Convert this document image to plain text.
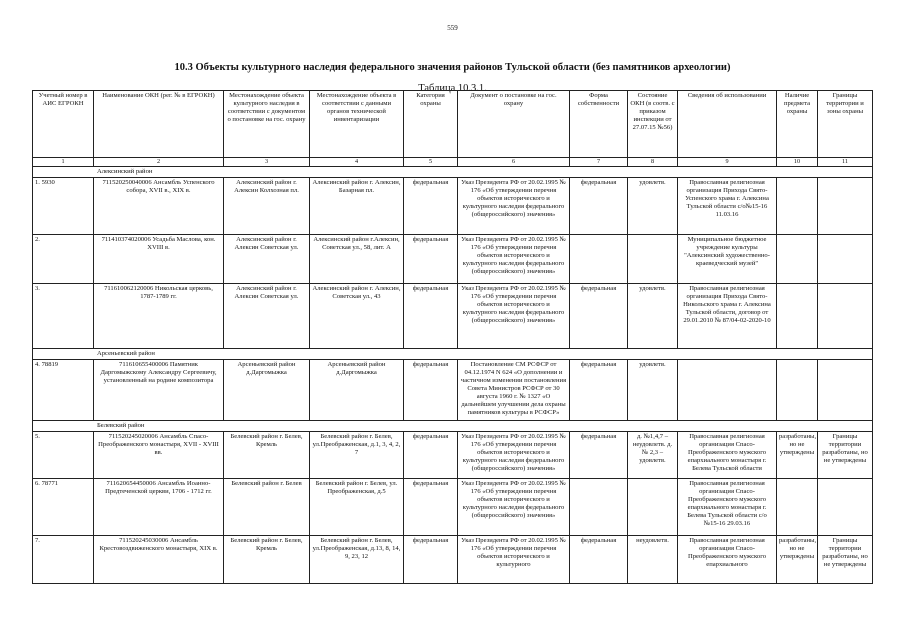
559
10.3 Объекты культурного наследия федерального значения районов Тульской области (без памятников археологии)
Таблица 10.3.1.
Учетный номер в АИС ЕГРОКН	Наименование ОКН (рег. № в ЕГРОКН)	Местонахождение объекта культурного наследия в соответствии с документом о постановке на гос. охрану	Местонахождение объекта в соответствии с данными органов технической инвентаризации	Категория охраны	Документ о постановке на гос. охрану	Форма собственности	Состояние ОКН (в соотв. с приказом инспекции от 27.07.15 №56)	Сведения об использовании	Наличие предмета охраны	Границы территории и зоны охраны
1	2	3	4	5	6	7	8	9	10	11
Алексинский район										
1. 5930	711520250040006 Ансамбль Успенского собора, XVII в., XIX в.	Алексинский район г. Алексин Колхозная пл.	Алексинский район г. Алексин, Базарная пл.	федеральная	Указ Президента РФ от 20.02.1995 № 176 «Об утверждении перечня объектов исторического и культурного наследия федерального (общероссийского) значения»	федеральная	удовлетв.	Православная религиозная организация Прихода Свято-Успенского храма г. Алексина Тульской области с/о№15-16 11.03.16		
2.	711410374020006 Усадьба Маслова, кон. XVIII в.	Алексинский район г. Алексин Советская ул.	Алексинский район г.Алексин, Советская ул., 58, лит. А	федеральная	Указ Президента РФ от 20.02.1995 № 176 «Об утверждении перечня объектов исторического и культурного наследия федерального (общероссийского) значения»			Муниципальное бюджетное учреждение культуры "Алексинский художественно-краеведческий музей"		
3.	711610062120006 Никольская церковь, 1787-1789 гг.	Алексинский район г. Алексин Советская ул.	Алексинский район г. Алексин, Советская ул., 43	федеральная	Указ Президента РФ от 20.02.1995 № 176 «Об утверждении перечня объектов исторического и культурного наследия федерального (общероссийского) значения»	федеральная	удовлетв.	Православная религиозная организация Прихода Свято-Никольского храма г. Алексина Тульской области, договор от 29.01.2010 № 87/04-02-2020-10		
Арсеньевский район										
4. 78819	711610655400006 Памятник Даргомыжскому Александру Сергеевичу, установленный на родине композитора	Арсеньевский район д.Даргомыжка	Арсеньевский район д.Даргомыжка	федеральная	Постановление СМ РСФСР от 04.12.1974 N 624 «О дополнении и частичном изменении постановления Совета Министров РСФСР от 30 августа 1960 г. № 1327 «О дальнейшем улучшении дела охраны памятников культуры в РСФСР»	федеральная	удовлетв.			
Белевский район										
5.	711520245020006 Ансамбль Спасо-Преображенского монастыря, XVII - XVIII вв.	Белевский район г. Белев, Кремль	Белевский район г. Белев, ул.Преображенская, д.1, 3, 4, 2, 7	федеральная	Указ Президента РФ от 20.02.1995 № 176 «Об утверждении перечня объектов исторического и культурного наследия федерального (общероссийского) значения»	федеральная	д. №1,4,7 – неудовлетв. д. № 2,3 – удовлетв.	Православная религиозная организация Спасо-Преображенского мужского епархиального монастыря г. Белева Тульской области	разработаны, но не утверждены	Границы территории разработаны, но не утверждены
6. 78771	711620654450006 Ансамбль Иоанно-Предтеченской церкви, 1706 - 1712 гг.	Белевский район г. Белев	Белевский район г. Белев, ул. Преображенская, д.5	федеральная	Указ Президента РФ от 20.02.1995 № 176 «Об утверждении перечня объектов исторического и культурного наследия федерального (общероссийского) значения»			Православная религиозная организация Спасо-Преображенского мужского епархиального монастыря г. Белева Тульской области с/о №15-16 29.03.16		
7.	711520245030006 Ансамбль Крестовоздвиженского монастыря, XIX в.	Белевский район г. Белев, Кремль	Белевский район г. Белев, ул.Преображенская, д.13, 8, 14, 9, 23, 12	федеральная	Указ Президента РФ от 20.02.1995 № 176 «Об утверждении перечня объектов исторического и культурного	федеральная	неудовлетв.	Православная религиозная организация Спасо-Преображенского мужского епархиального	разработаны, но не утверждены	Границы территории разработаны, но не утверждены
